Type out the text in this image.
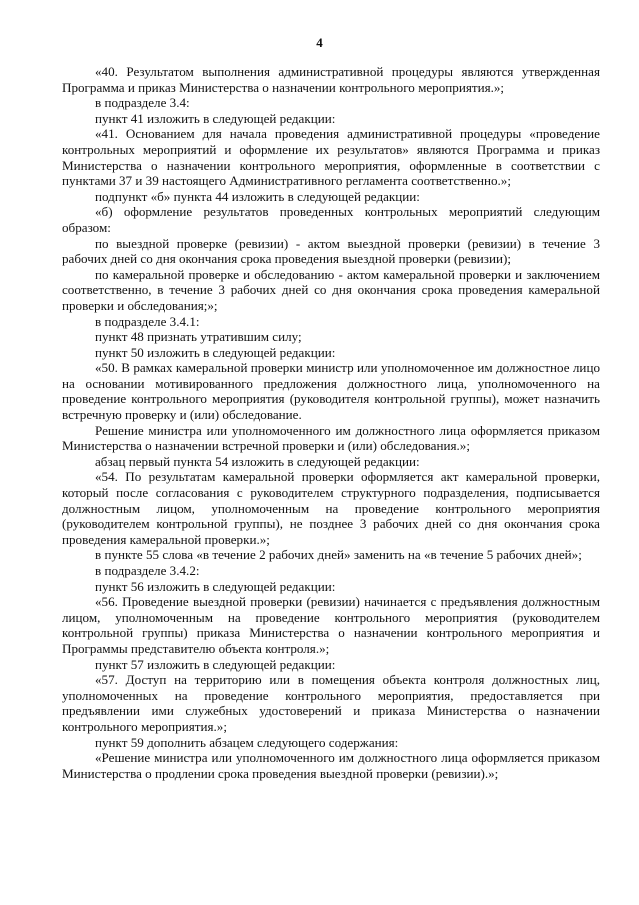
4

«40. Результатом выполнения административной процедуры являются утвержденная Программа и приказ Министерства о назначении контрольного мероприятия.»;

в подразделе 3.4:

пункт 41 изложить в следующей редакции:

«41. Основанием для начала проведения административной процедуры «проведение контрольных мероприятий и оформление их результатов» являются Программа и приказ Министерства о назначении контрольного мероприятия, оформленные в соответствии с пунктами 37 и 39 настоящего Административного регламента соответственно.»;

подпункт «б» пункта 44 изложить в следующей редакции:

«б) оформление результатов проведенных контрольных мероприятий следующим образом:

по выездной проверке (ревизии) - актом выездной проверки (ревизии) в течение 3 рабочих дней со дня окончания срока проведения выездной проверки (ревизии);

по камеральной проверке и обследованию - актом камеральной проверки и заключением соответственно, в течение 3 рабочих дней со дня окончания срока проведения камеральной проверки и обследования;»;

в подразделе 3.4.1:

пункт 48 признать утратившим силу;

пункт 50 изложить в следующей редакции:

«50. В рамках камеральной проверки министр или уполномоченное им должностное лицо на основании мотивированного предложения должностного лица, уполномоченного на проведение контрольного мероприятия (руководителя контрольной группы), может назначить встречную проверку и (или) обследование.

Решение министра или уполномоченного им должностного лица оформляется приказом Министерства о назначении встречной проверки и (или) обследования.»;

абзац первый пункта 54 изложить в следующей редакции:

«54. По результатам камеральной проверки оформляется акт камеральной проверки, который после согласования с руководителем структурного подразделения, подписывается должностным лицом, уполномоченным на проведение контрольного мероприятия (руководителем контрольной группы), не позднее 3 рабочих дней со дня окончания срока проведения камеральной проверки.»;

в пункте 55 слова «в течение 2 рабочих дней» заменить на «в течение 5 рабочих дней»;

в подразделе 3.4.2:

пункт 56 изложить в следующей редакции:

«56. Проведение выездной проверки (ревизии) начинается с предъявления должностным лицом, уполномоченным на проведение контрольного мероприятия (руководителем контрольной группы) приказа Министерства о назначении контрольного мероприятия и Программы представителю объекта контроля.»;

пункт 57 изложить в следующей редакции:

«57. Доступ на территорию или в помещения объекта контроля должностных лиц, уполномоченных на проведение контрольного мероприятия, предоставляется при предъявлении ими служебных удостоверений и приказа Министерства о назначении контрольного мероприятия.»;

пункт 59 дополнить абзацем следующего содержания:

«Решение министра или уполномоченного им должностного лица оформляется приказом Министерства о продлении срока проведения выездной проверки (ревизии).»;
